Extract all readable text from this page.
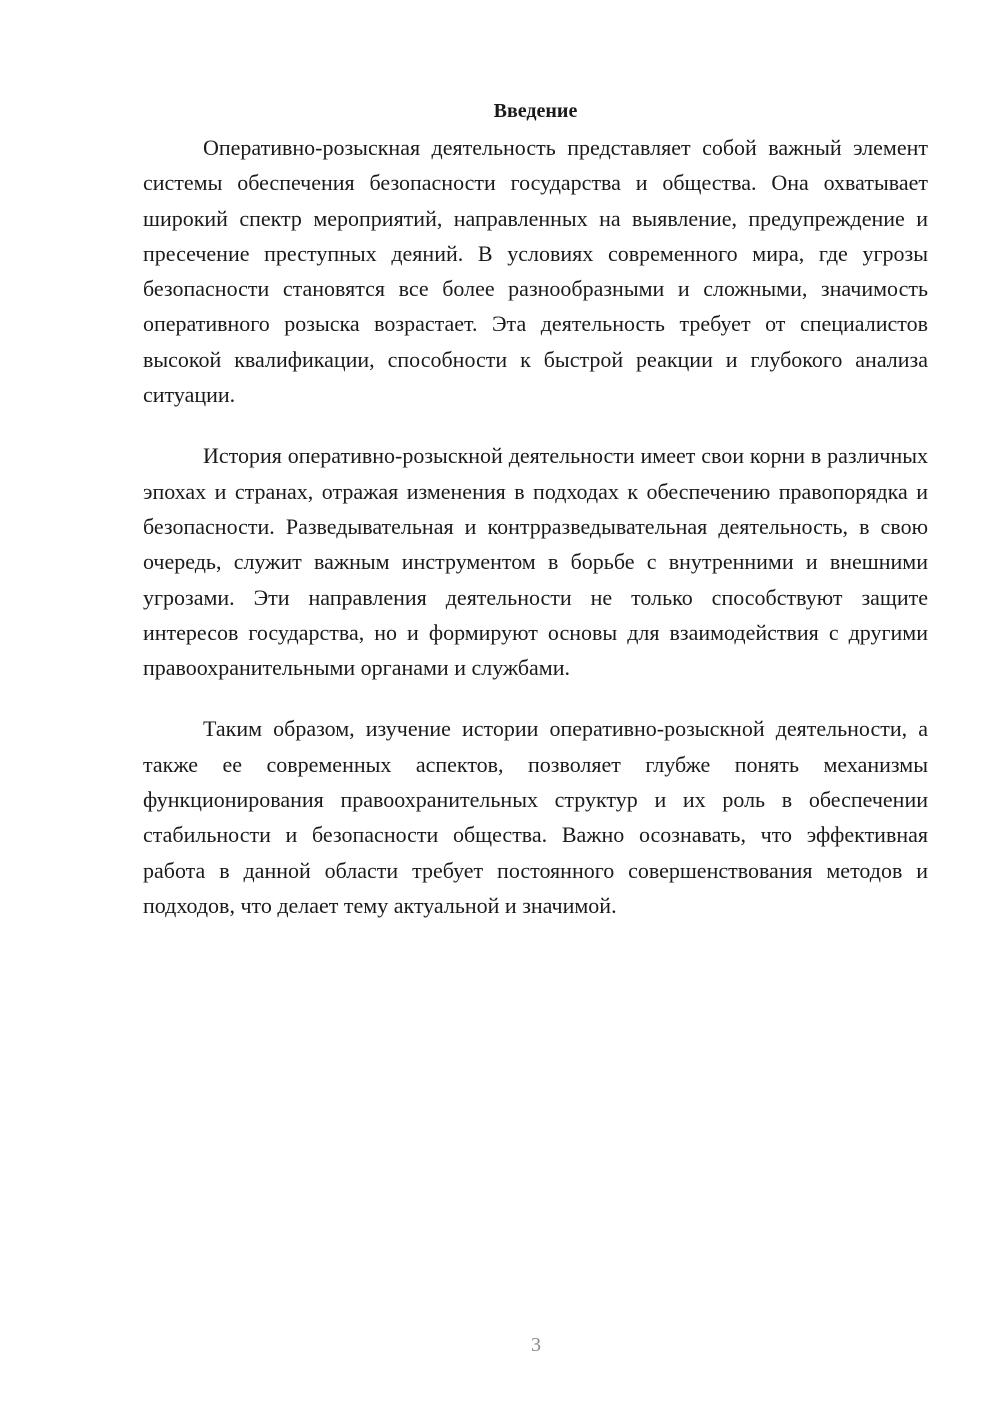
Введение

Оперативно-розыскная деятельность представляет собой важный элемент системы обеспечения безопасности государства и общества. Она охватывает широкий спектр мероприятий, направленных на выявление, предупреждение и пресечение преступных деяний. В условиях современного мира, где угрозы безопасности становятся все более разнообразными и сложными, значимость оперативного розыска возрастает. Эта деятельность требует от специалистов высокой квалификации, способности к быстрой реакции и глубокого анализа ситуации.

История оперативно-розыскной деятельности имеет свои корни в различных эпохах и странах, отражая изменения в подходах к обеспечению правопорядка и безопасности. Разведывательная и контрразведывательная деятельность, в свою очередь, служит важным инструментом в борьбе с внутренними и внешними угрозами. Эти направления деятельности не только способствуют защите интересов государства, но и формируют основы для взаимодействия с другими правоохранительными органами и службами.

Таким образом, изучение истории оперативно-розыскной деятельности, а также ее современных аспектов, позволяет глубже понять механизмы функционирования правоохранительных структур и их роль в обеспечении стабильности и безопасности общества. Важно осознавать, что эффективная работа в данной области требует постоянного совершенствования методов и подходов, что делает тему актуальной и значимой.

3
